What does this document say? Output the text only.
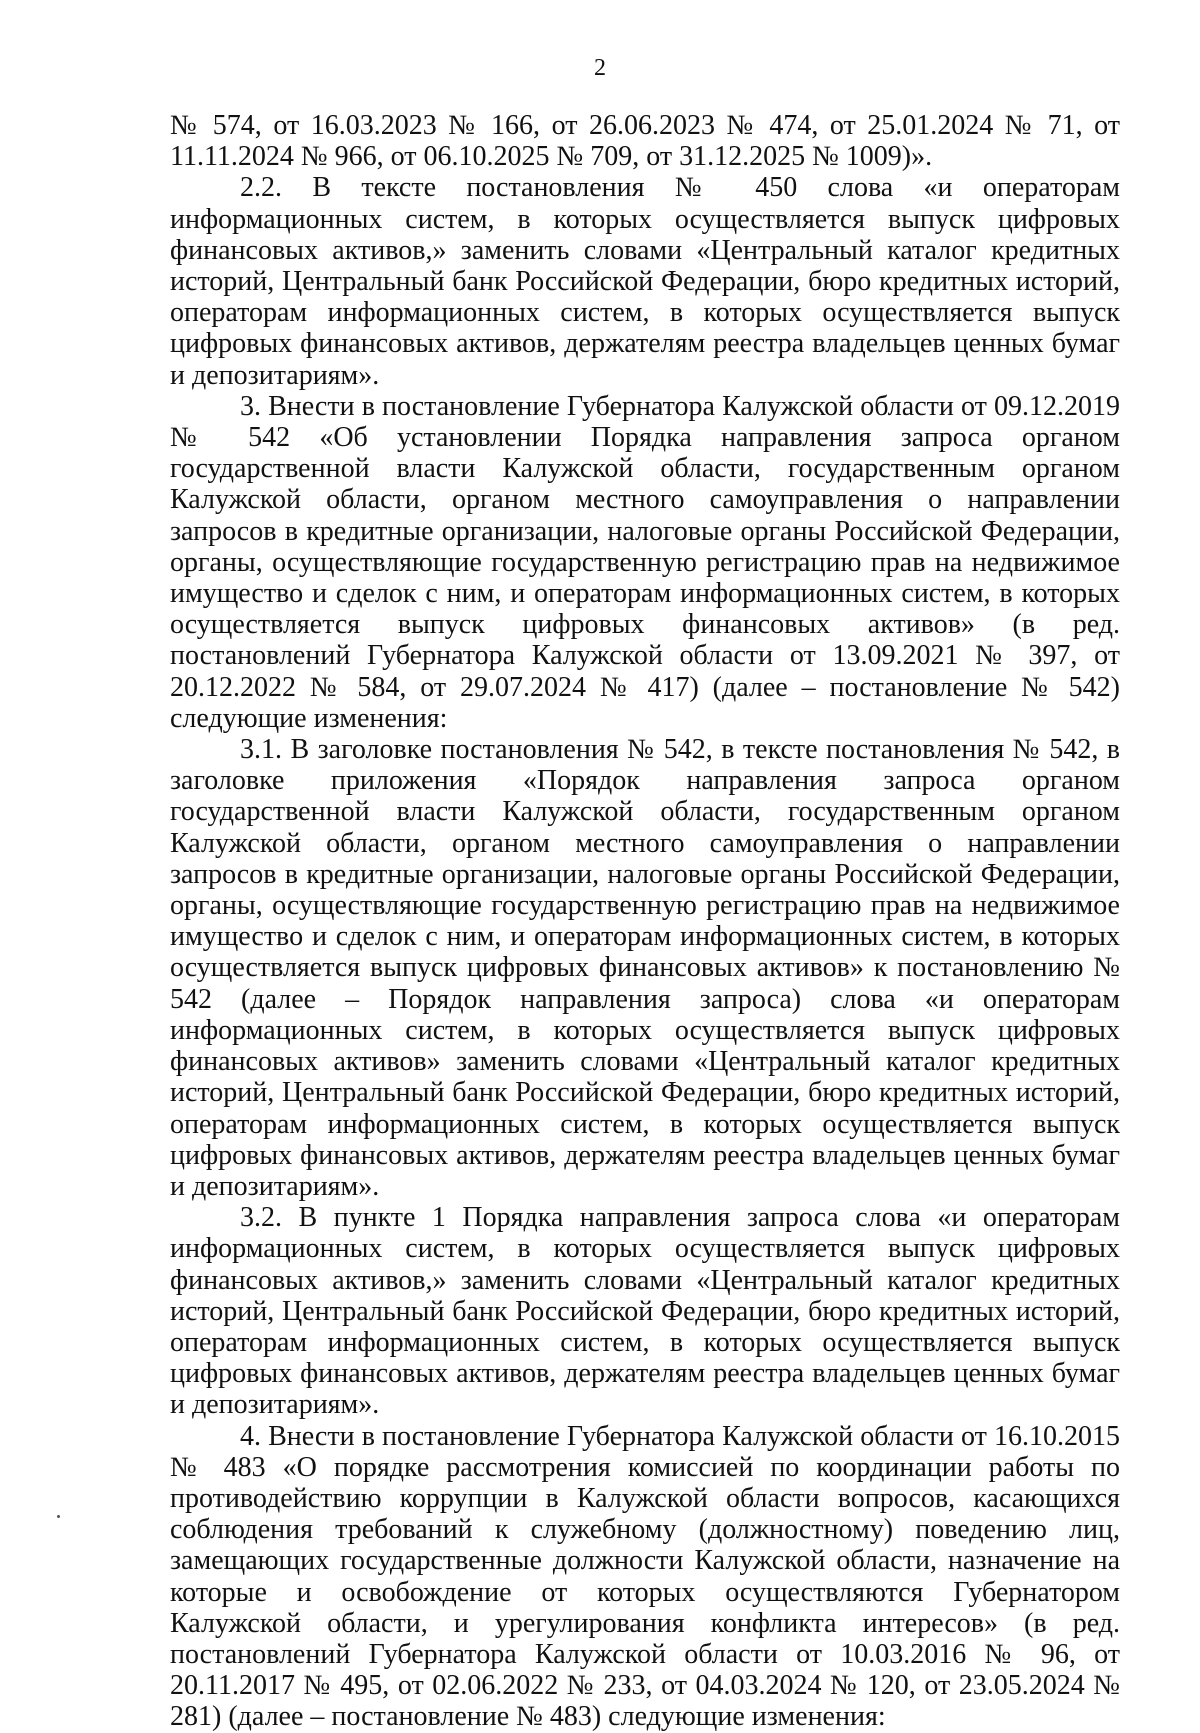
2

№ 574, от 16.03.2023 № 166, от 26.06.2023 № 474, от 25.01.2024 № 71, от 11.11.2024 № 966, от 06.10.2025 № 709, от 31.12.2025 № 1009)».

2.2. В тексте постановления № 450 слова «и операторам информационных систем, в которых осуществляется выпуск цифровых финансовых активов,» заменить словами «Центральный каталог кредитных историй, Центральный банк Российской Федерации, бюро кредитных историй, операторам информационных систем, в которых осуществляется выпуск цифровых финансовых активов, держателям реестра владельцев ценных бумаг и депозитариям».

3. Внести в постановление Губернатора Калужской области от 09.12.2019 № 542 «Об установлении Порядка направления запроса органом государственной власти Калужской области, государственным органом Калужской области, органом местного самоуправления о направлении запросов в кредитные организации, налоговые органы Российской Федерации, органы, осуществляющие государственную регистрацию прав на недвижимое имущество и сделок с ним, и операторам информационных систем, в которых осуществляется выпуск цифровых финансовых активов» (в ред. постановлений Губернатора Калужской области от 13.09.2021 № 397, от 20.12.2022 № 584, от 29.07.2024 № 417) (далее – постановление № 542) следующие изменения:

3.1. В заголовке постановления № 542, в тексте постановления № 542, в заголовке приложения «Порядок направления запроса органом государственной власти Калужской области, государственным органом Калужской области, органом местного самоуправления о направлении запросов в кредитные организации, налоговые органы Российской Федерации, органы, осуществляющие государственную регистрацию прав на недвижимое имущество и сделок с ним, и операторам информационных систем, в которых осуществляется выпуск цифровых финансовых активов» к постановлению № 542 (далее – Порядок направления запроса) слова «и операторам информационных систем, в которых осуществляется выпуск цифровых финансовых активов» заменить словами «Центральный каталог кредитных историй, Центральный банк Российской Федерации, бюро кредитных историй, операторам информационных систем, в которых осуществляется выпуск цифровых финансовых активов, держателям реестра владельцев ценных бумаг и депозитариям».

3.2. В пункте 1 Порядка направления запроса слова «и операторам информационных систем, в которых осуществляется выпуск цифровых финансовых активов,» заменить словами «Центральный каталог кредитных историй, Центральный банк Российской Федерации, бюро кредитных историй, операторам информационных систем, в которых осуществляется выпуск цифровых финансовых активов, держателям реестра владельцев ценных бумаг и депозитариям».

4. Внести в постановление Губернатора Калужской области от 16.10.2015 № 483 «О порядке рассмотрения комиссией по координации работы по противодействию коррупции в Калужской области вопросов, касающихся соблюдения требований к служебному (должностному) поведению лиц, замещающих государственные должности Калужской области, назначение на которые и освобождение от которых осуществляются Губернатором Калужской области, и урегулирования конфликта интересов» (в ред. постановлений Губернатора Калужской области от 10.03.2016 № 96, от 20.11.2017 № 495, от 02.06.2022 № 233, от 04.03.2024 № 120, от 23.05.2024 № 281) (далее – постановление № 483) следующие изменения:
